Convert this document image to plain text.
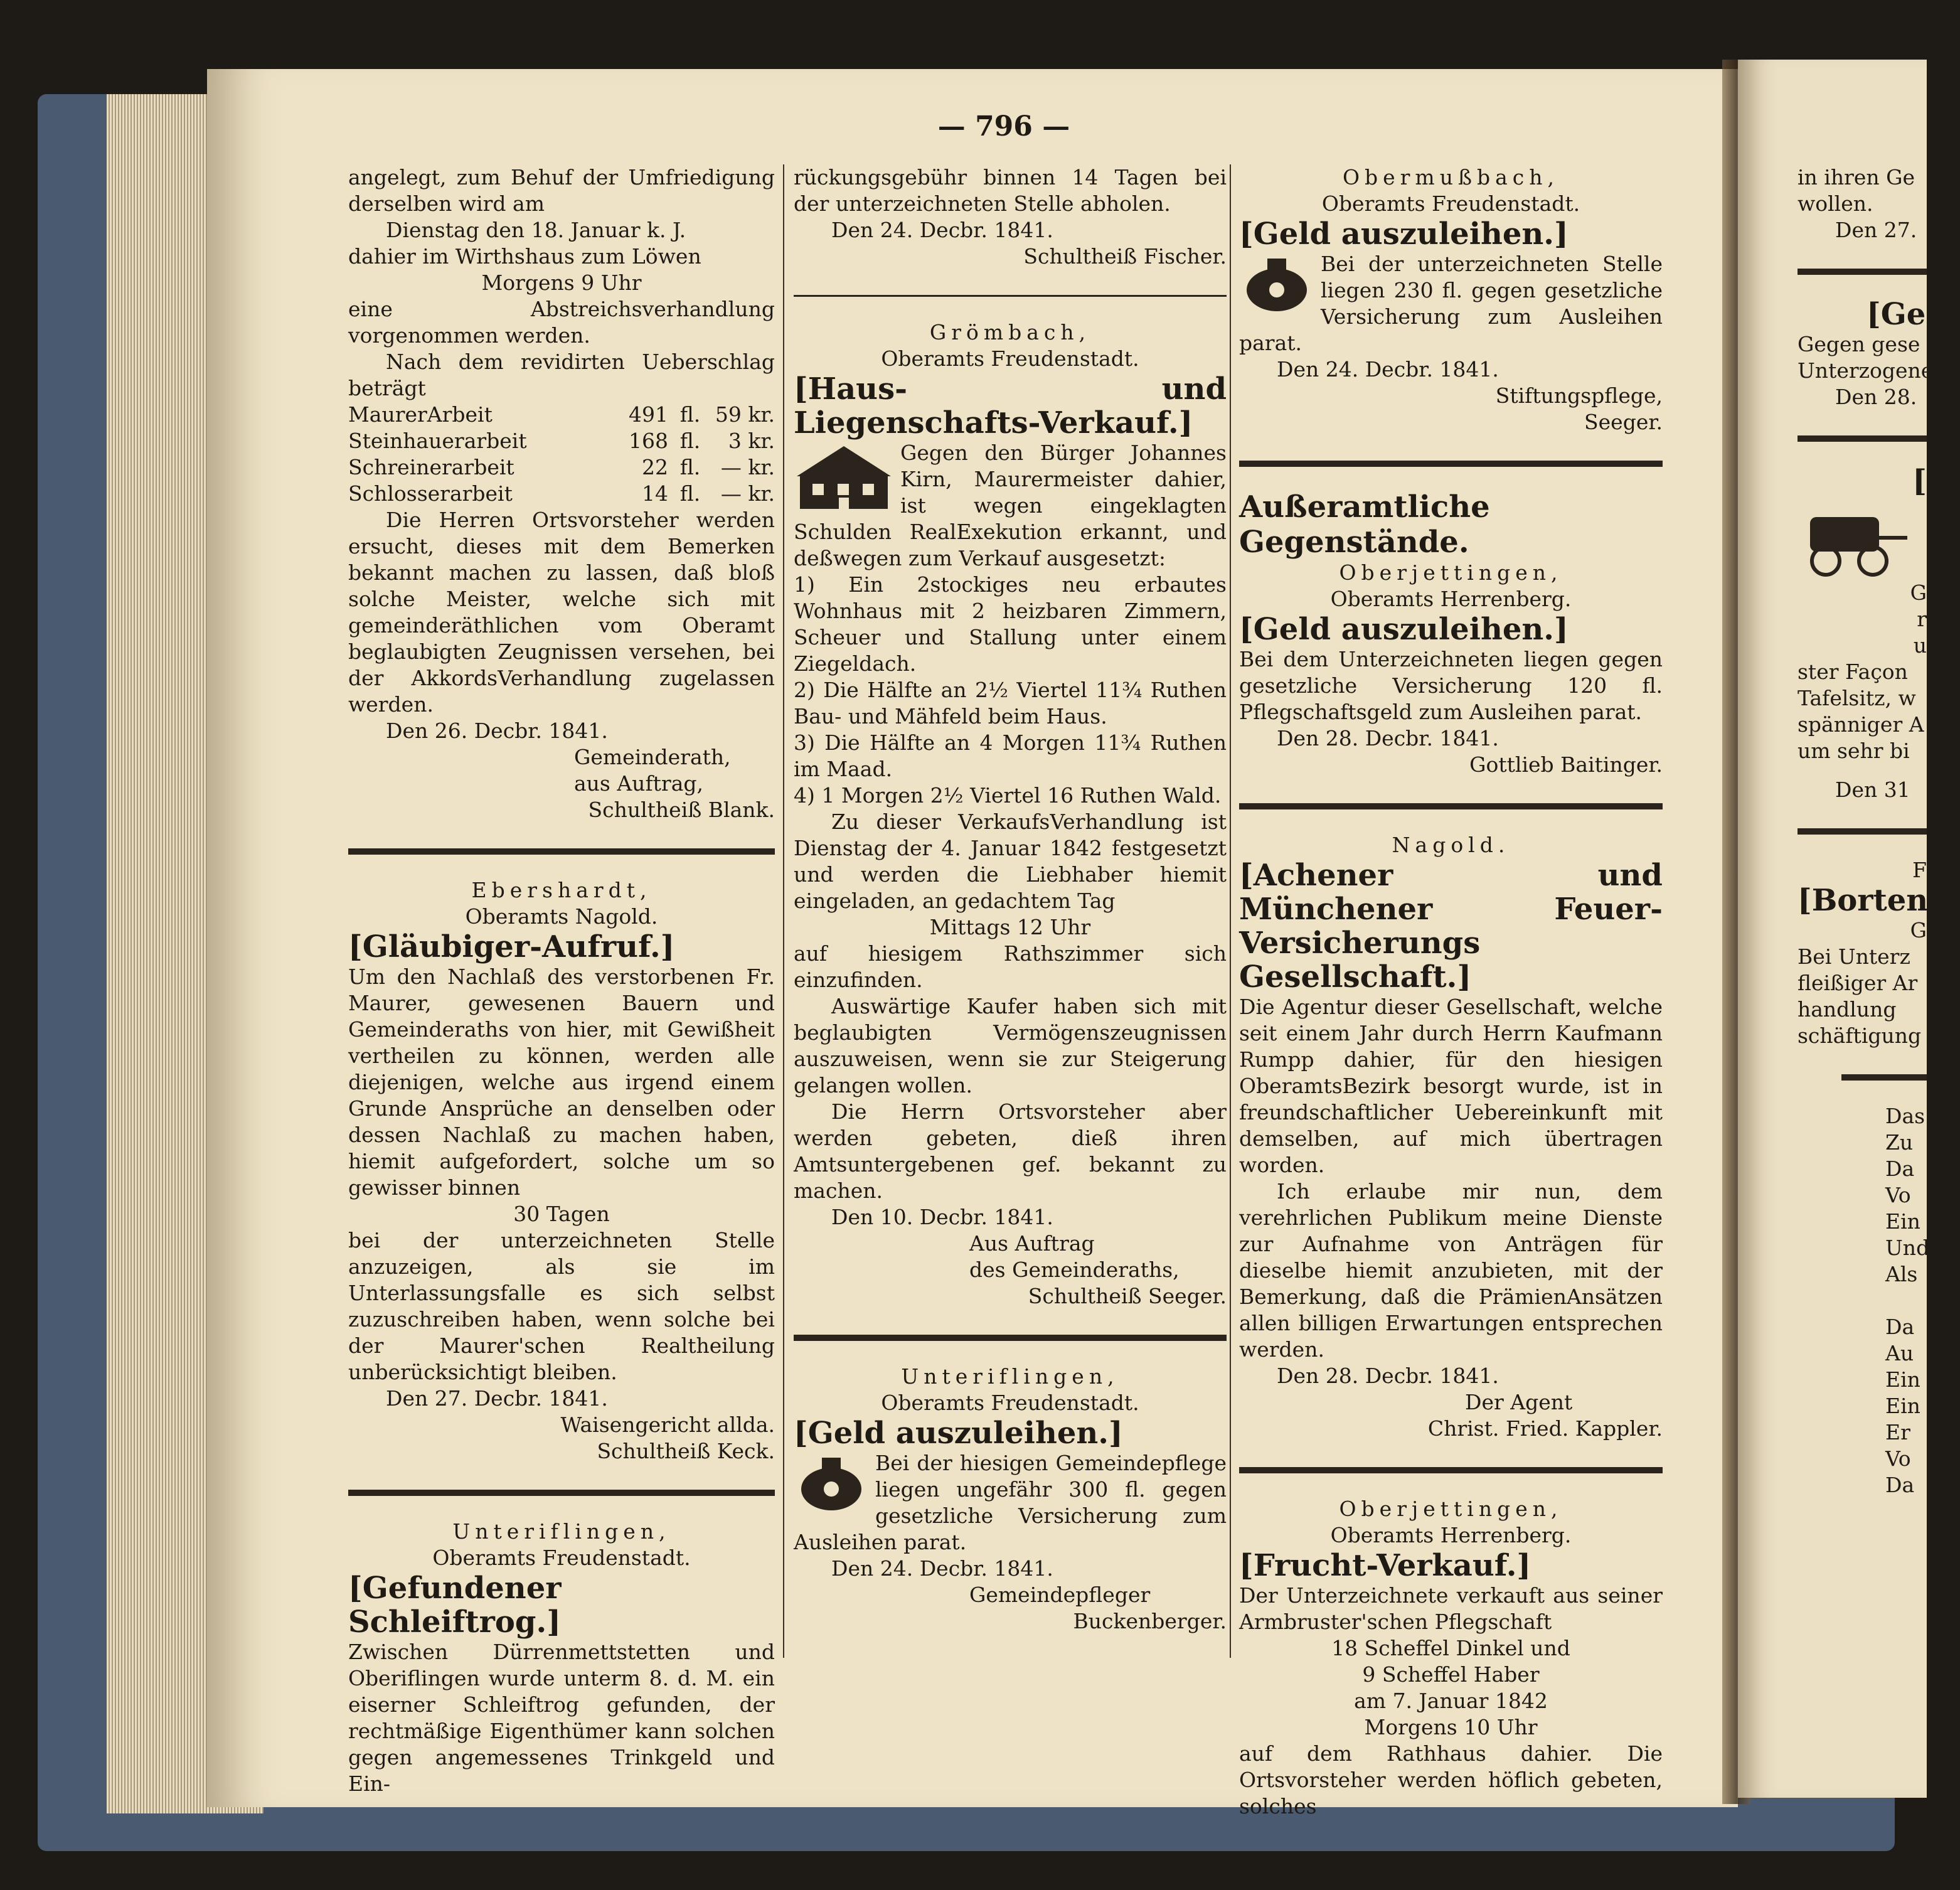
— 796 —

angelegt, zum Behuf der Umfriedigung derselben wird am

Dienstag den 18. Januar k. J.

dahier im Wirthshaus zum Löwen

Morgens 9 Uhr

eine Abstreichsverhandlung vorgenommen werden.

Nach dem revidirten Ueberschlag beträgt

MaurerArbeit	491 fl. 59 kr.

Steinhauerarbeit	168 fl.	3 kr.

Schreinerarbeit	22 fl. — kr.

Schlosserarbeit	14 fl. — kr.

Die Herren Ortsvorsteher werden ersucht, dieses mit dem Bemerken bekannt machen zu lassen, daß bloß solche Meister, welche sich mit gemeinderäthlichen vom Oberamt beglaubigten Zeugnissen versehen, bei der AkkordsVerhandlung zugelassen werden.

Den 26. Decbr. 1841.

Gemeinderath,

aus Auftrag,

Schultheiß Blank.

Ebershardt,

Oberamts Nagold.

[Gläubiger-Aufruf.]

Um den Nachlaß des verstorbenen Fr. Maurer, gewesenen Bauern und Gemeinderaths von hier, mit Gewißheit vertheilen zu können, werden alle diejenigen, welche aus irgend einem Grunde Ansprüche an denselben oder dessen Nachlaß zu machen haben, hiemit aufgefordert, solche um so gewisser binnen

30 Tagen

bei der unterzeichneten Stelle anzuzeigen, als sie im Unterlassungsfalle es sich selbst zuzuschreiben haben, wenn solche bei der Maurer'schen Realtheilung unberücksichtigt bleiben.

Den 27. Decbr. 1841.

Waisengericht allda.

Schultheiß Keck.

Unteriflingen,

Oberamts Freudenstadt.

[Gefundener Schleiftrog.]

Zwischen Dürrenmettstetten und Oberiflingen wurde unterm 8. d. M. ein eiserner Schleiftrog gefunden, der rechtmäßige Eigenthümer kann solchen gegen angemessenes Trinkgeld und Ein-

rückungsgebühr binnen 14 Tagen bei der unterzeichneten Stelle abholen.

Den 24. Decbr. 1841.

Schultheiß Fischer.

Grömbach,

Oberamts Freudenstadt.

[Haus- und Liegenschafts-Verkauf.]

Gegen den Bürger Johannes Kirn, Maurermeister dahier, ist wegen eingeklagten Schulden RealExekution erkannt, und deßwegen zum Verkauf ausgesetzt:

1) Ein 2stockiges neu erbautes Wohnhaus mit 2 heizbaren Zimmern, Scheuer und Stallung unter einem Ziegeldach.

2) Die Hälfte an 2½ Viertel 11¾ Ruthen Bau- und Mähfeld beim Haus.

3) Die Hälfte an 4 Morgen 11¾ Ruthen im Maad.

4) 1 Morgen 2½ Viertel 16 Ruthen Wald.

Zu dieser VerkaufsVerhandlung ist Dienstag der 4. Januar 1842 festgesetzt und werden die Liebhaber hiemit eingeladen, an gedachtem Tag

Mittags 12 Uhr

auf hiesigem Rathszimmer sich einzufinden.

Auswärtige Kaufer haben sich mit beglaubigten Vermögenszeugnissen auszuweisen, wenn sie zur Steigerung gelangen wollen.

Die Herrn Ortsvorsteher aber werden gebeten, dieß ihren Amtsuntergebenen gef. bekannt zu machen.

Den 10. Decbr. 1841.

Aus Auftrag

des Gemeinderaths,

Schultheiß Seeger.

Unteriflingen,

Oberamts Freudenstadt.

[Geld auszuleihen.]

Bei der hiesigen Gemeindepflege liegen ungefähr 300 fl. gegen gesetzliche Versicherung zum Ausleihen parat.

Den 24. Decbr. 1841.

Gemeindepfleger

Buckenberger.

Obermußbach,

Oberamts Freudenstadt.

[Geld auszuleihen.]

Bei der unterzeichneten Stelle liegen 230 fl. gegen gesetzliche Versicherung zum Ausleihen parat.

Den 24. Decbr. 1841.

Stiftungspflege,

Seeger.

Außeramtliche Gegenstände.

Oberjettingen,

Oberamts Herrenberg.

[Geld auszuleihen.]

Bei dem Unterzeichneten liegen gegen gesetzliche Versicherung 120 fl. Pflegschaftsgeld zum Ausleihen parat.

Den 28. Decbr. 1841.

Gottlieb Baitinger.

Nagold.

[Achener und Münchener Feuer-Versicherungs Gesellschaft.]

Die Agentur dieser Gesellschaft, welche seit einem Jahr durch Herrn Kaufmann Rumpp dahier, für den hiesigen OberamtsBezirk besorgt wurde, ist in freundschaftlicher Uebereinkunft mit demselben, auf mich übertragen worden.

Ich erlaube mir nun, dem verehrlichen Publikum meine Dienste zur Aufnahme von Anträgen für dieselbe hiemit anzubieten, mit der Bemerkung, daß die PrämienAnsätzen allen billigen Erwartungen entsprechen werden.

Den 28. Decbr. 1841.

Der Agent

Christ. Fried. Kappler.

Oberjettingen,

Oberamts Herrenberg.

[Frucht-Verkauf.]

Der Unterzeichnete verkauft aus seiner Armbruster'schen Pflegschaft

18 Scheffel Dinkel und

9 Scheffel Haber

am 7. Januar 1842

Morgens 10 Uhr

auf dem Rathhaus dahier. Die Ortsvorsteher werden höflich gebeten, solches

in ihren Ge

wollen.

Den 27.

[Ge

Gegen gese

Unterzogene

Den 28.

[

G

r

u

ster Façon

Tafelsitz, w

spänniger A

um sehr bi

Den 31

F

[Bortenm

G

Bei Unterz

fleißiger Ar

handlung

schäftigung

Das

Zu

Da

Vo

Ein

Und

Als

Da

Au

Ein

Ein

Er

Vo

Da
